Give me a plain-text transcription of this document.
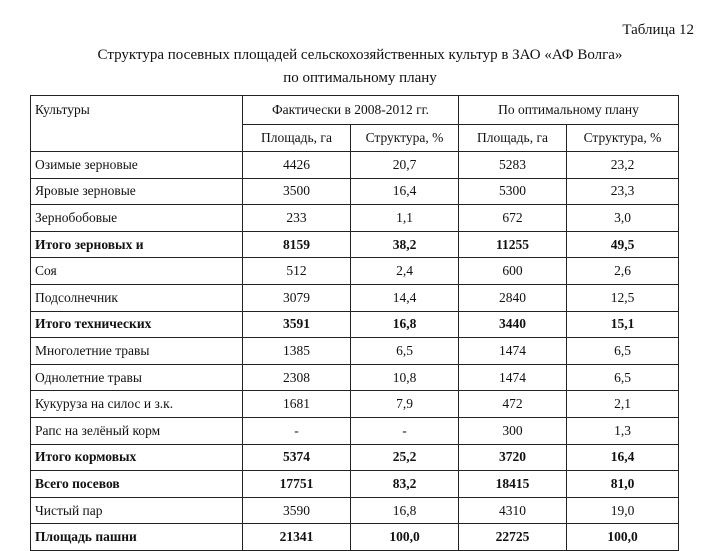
Таблица 12
Структура посевных площадей сельскохозяйственных культур в ЗАО «АФ Волга»
по оптимальному плану
Культуры	Фактически в 2008-2012 гг.		По оптимальному плану	
	Площадь, га	Структура, %	Площадь, га	Структура, %
Озимые зерновые	4426	20,7	5283	23,2
Яровые зерновые	3500	16,4	5300	23,3
Зернобобовые	233	1,1	672	3,0
Итого зерновых и	8159	38,2	11255	49,5
Соя	512	2,4	600	2,6
Подсолнечник	3079	14,4	2840	12,5
Итого технических	3591	16,8	3440	15,1
Многолетние травы	1385	6,5	1474	6,5
Однолетние травы	2308	10,8	1474	6,5
Кукуруза на силос и з.к.	1681	7,9	472	2,1
Рапс на зелёный корм	-	-	300	1,3
Итого кормовых	5374	25,2	3720	16,4
Всего посевов	17751	83,2	18415	81,0
Чистый пар	3590	16,8	4310	19,0
Площадь пашни	21341	100,0	22725	100,0
